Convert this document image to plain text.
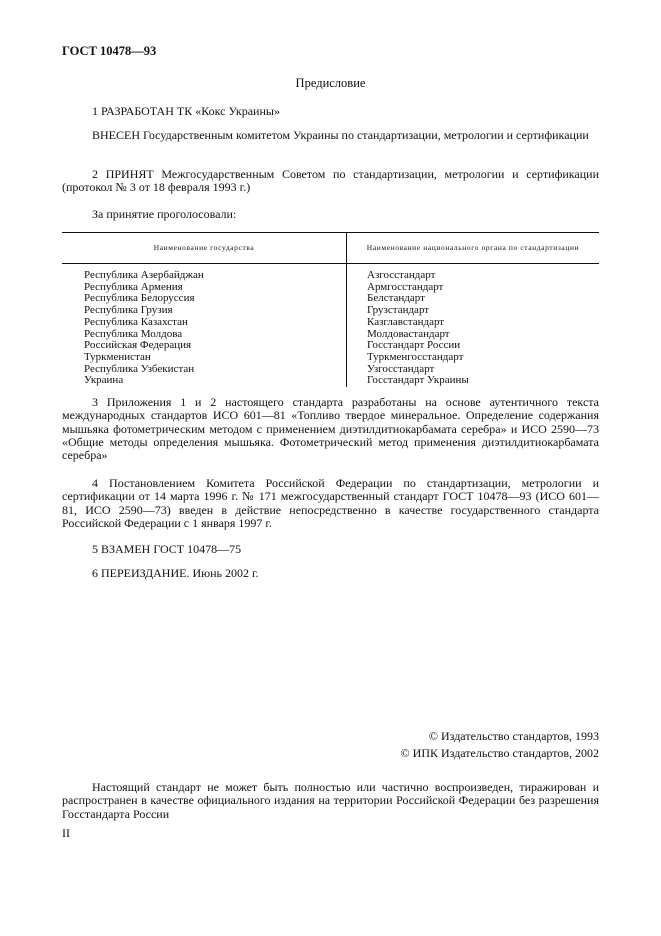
ГОСТ 10478—93
Предисловие
1 РАЗРАБОТАН ТК «Кокс Украины»
ВНЕСЕН Государственным комитетом Украины по стандартизации, метрологии и сертификации
2 ПРИНЯТ Межгосударственным Советом по стандартизации, метрологии и сертификации (протокол № 3 от 18 февраля 1993 г.)
За принятие проголосовали:
Наименование государства	Наименование национального органа по стандартизации
Республика Азербайджан	Азгосстандарт
Республика Армения	Армгосстандарт
Республика Белоруссия	Белстандарт
Республика Грузия	Грузстандарт
Республика Казахстан	Казглавстандарт
Республика Молдова	Молдовастандарт
Российская Федерация	Госстандарт России
Туркменистан	Туркменгосстандарт
Республика Узбекистан	Узгосстандарт
Украина	Госстандарт Украины
3 Приложения 1 и 2 настоящего стандарта разработаны на основе аутентичного текста международных стандартов ИСО 601—81 «Топливо твердое минеральное. Определение содержания мышьяка фотометрическим методом с применением диэтилдитиокарбамата серебра» и ИСО 2590—73 «Общие методы определения мышьяка. Фотометрический метод применения диэтилдитиокарбамата серебра»
4 Постановлением Комитета Российской Федерации по стандартизации, метрологии и сертификации от 14 марта 1996 г. № 171 межгосударственный стандарт ГОСТ 10478—93 (ИСО 601—81, ИСО 2590—73) введен в действие непосредственно в качестве государственного стандарта Российской Федерации с 1 января 1997 г.
5 ВЗАМЕН ГОСТ 10478—75
6 ПЕРЕИЗДАНИЕ. Июнь 2002 г.
© Издательство стандартов, 1993
© ИПК Издательство стандартов, 2002
Настоящий стандарт не может быть полностью или частично воспроизведен, тиражирован и распространен в качестве официального издания на территории Российской Федерации без разрешения Госстандарта России
II
